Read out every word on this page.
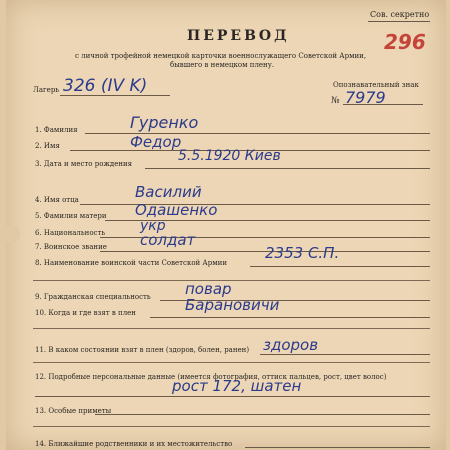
Сов. секретно
296
ПЕРЕВОД
с личной трофейной немецкой карточки военнослужащего Советской Армии,
бывшего в немецком плену.
Лагерь 326 (IV K)	Опознавательный знак
№ 7979
1. Фамилия	Гуренко
2. Имя	Федор
3. Дата и место рождения	5.5.1920 Киев
4. Имя отца	Василий
5. Фамилия матери Одашенко
6. Национальность укр
7. Воинское звание солдат
8. Наименование воинской части Советской Армии
2353 С.П.
9. Гражданская специальность повар
10. Когда и где взят в плен	Барановичи
11. В каком состоянии взят в плен (здоров, болен, ранен) здоров
12. Подробные персональные данные (имеется фотография, оттиск пальцев, рост, цвет волос)
рост 172, шатен
13. Особые приметы
14. Ближайшие родственники и их местожительство
